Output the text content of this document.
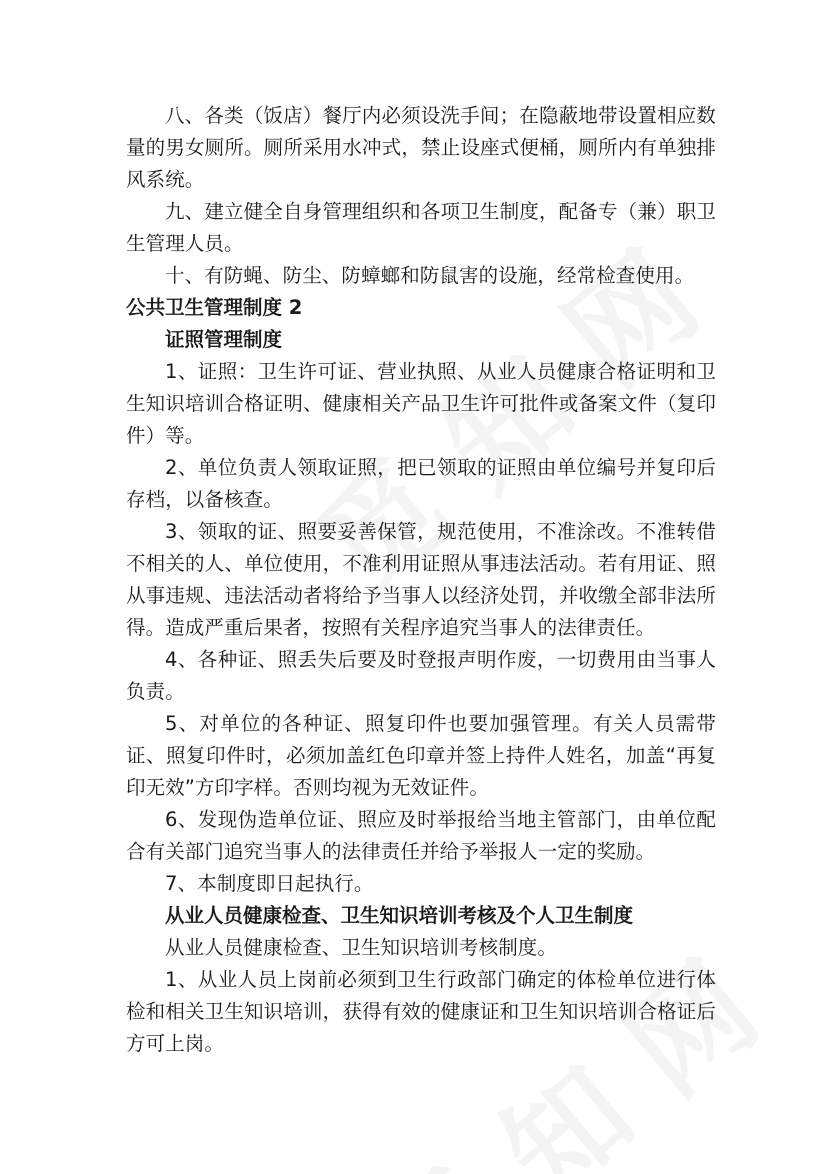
八、各类（饭店）餐厅内必须设洗手间；在隐蔽地带设置相应数量的男女厕所。厕所采用水冲式，禁止设座式便桶，厕所内有单独排风系统。

九、建立健全自身管理组织和各项卫生制度，配备专（兼）职卫生管理人员。

十、有防蝇、防尘、防蟑螂和防鼠害的设施，经常检查使用。

公共卫生管理制度 2

证照管理制度

1、证照：卫生许可证、营业执照、从业人员健康合格证明和卫生知识培训合格证明、健康相关产品卫生许可批件或备案文件（复印件）等。

2、单位负责人领取证照，把已领取的证照由单位编号并复印后存档，以备核查。

3、领取的证、照要妥善保管，规范使用，不准涂改。不准转借不相关的人、单位使用，不准利用证照从事违法活动。若有用证、照从事违规、违法活动者将给予当事人以经济处罚，并收缴全部非法所得。造成严重后果者，按照有关程序追究当事人的法律责任。

4、各种证、照丢失后要及时登报声明作废，一切费用由当事人负责。

5、对单位的各种证、照复印件也要加强管理。有关人员需带证、照复印件时，必须加盖红色印章并签上持件人姓名，加盖“再复印无效”方印字样。否则均视为无效证件。

6、发现伪造单位证、照应及时举报给当地主管部门，由单位配合有关部门追究当事人的法律责任并给予举报人一定的奖励。

7、本制度即日起执行。

从业人员健康检查、卫生知识培训考核及个人卫生制度

从业人员健康检查、卫生知识培训考核制度。

1、从业人员上岗前必须到卫生行政部门确定的体检单位进行体检和相关卫生知识培训，获得有效的健康证和卫生知识培训合格证后方可上岗。
